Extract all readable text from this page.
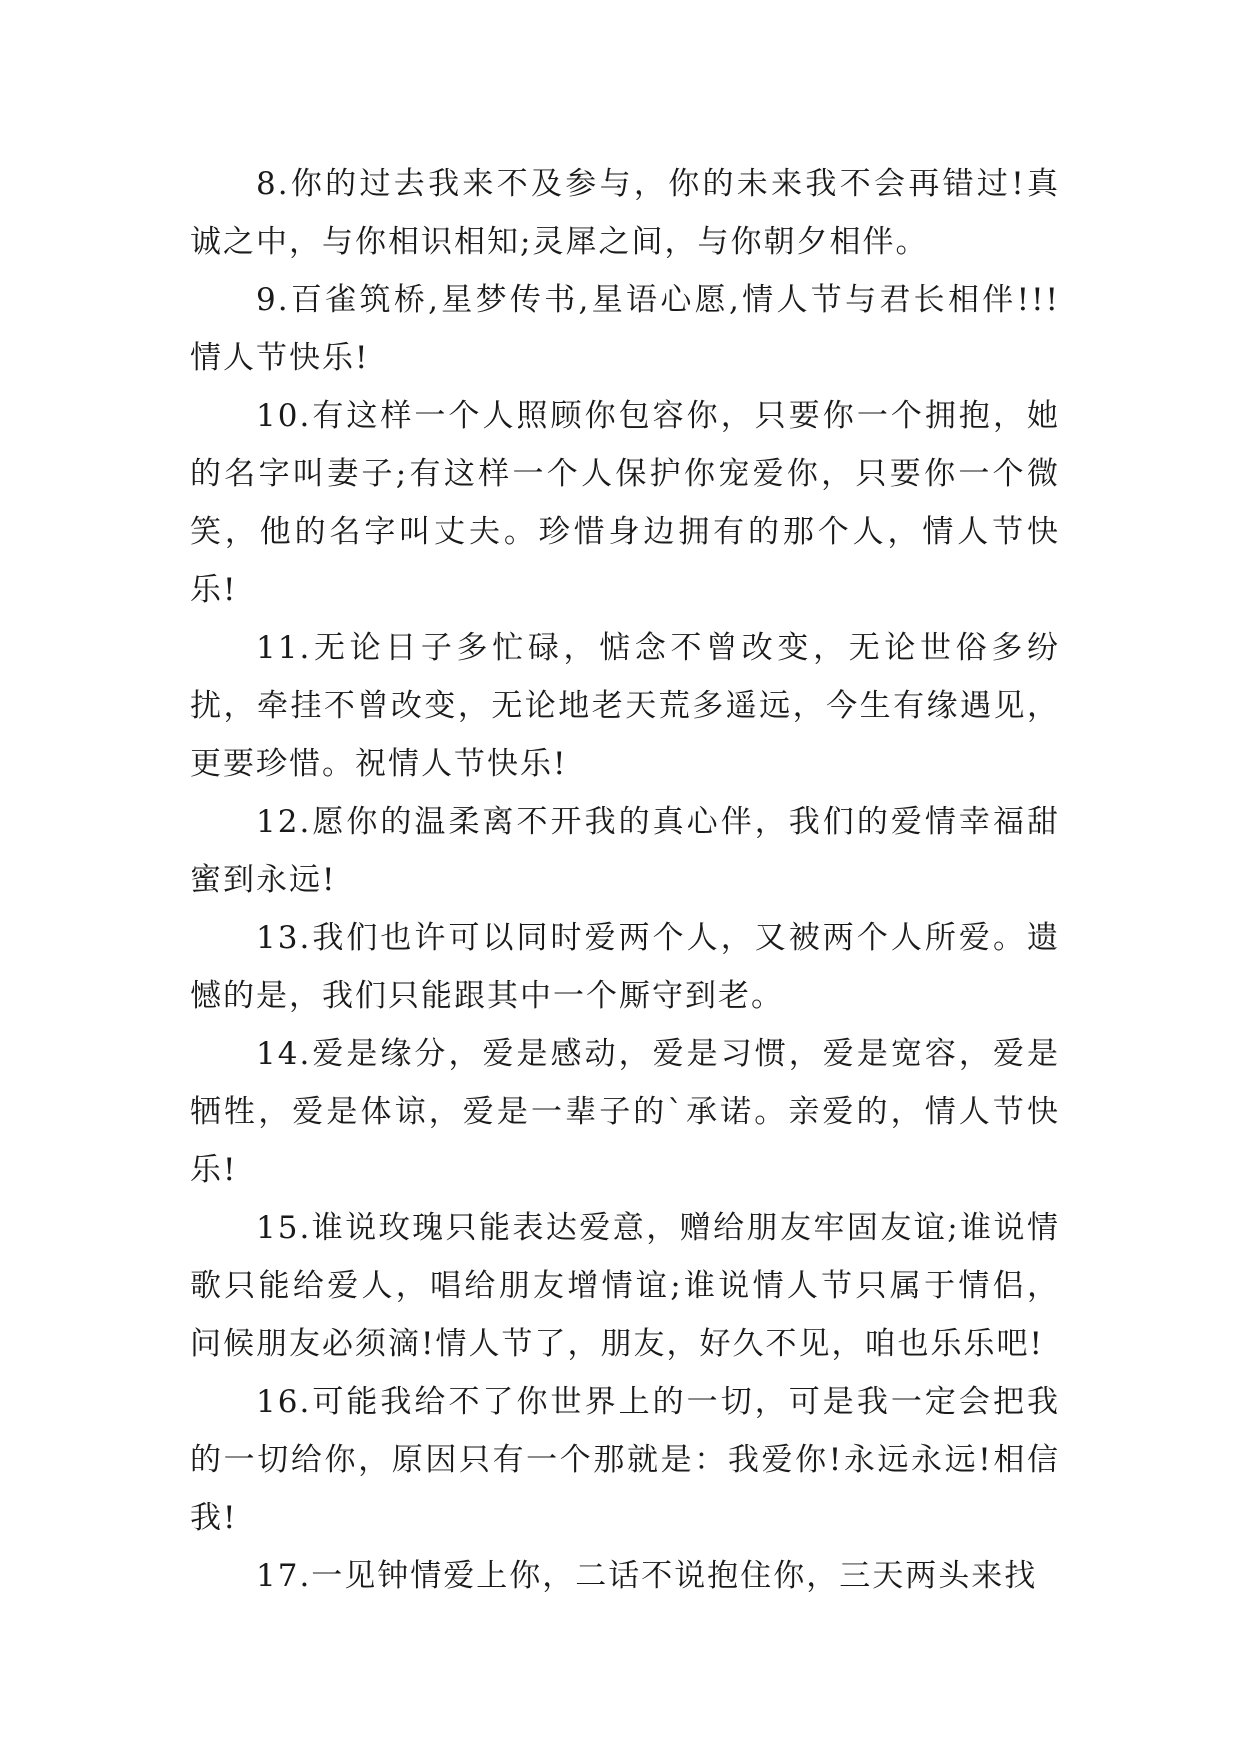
8.你的过去我来不及参与，你的未来我不会再错过!真诚之中，与你相识相知;灵犀之间，与你朝夕相伴。

9.百雀筑桥,星梦传书,星语心愿,情人节与君长相伴!!!情人节快乐!

10.有这样一个人照顾你包容你，只要你一个拥抱，她的名字叫妻子;有这样一个人保护你宠爱你，只要你一个微笑，他的名字叫丈夫。珍惜身边拥有的那个人，情人节快乐!

11.无论日子多忙碌，惦念不曾改变，无论世俗多纷扰，牵挂不曾改变，无论地老天荒多遥远，今生有缘遇见，更要珍惜。祝情人节快乐!

12.愿你的温柔离不开我的真心伴，我们的爱情幸福甜蜜到永远!

13.我们也许可以同时爱两个人，又被两个人所爱。遗憾的是，我们只能跟其中一个厮守到老。

14.爱是缘分，爱是感动，爱是习惯，爱是宽容，爱是牺牲，爱是体谅，爱是一辈子的`承诺。亲爱的，情人节快乐!

15.谁说玫瑰只能表达爱意，赠给朋友牢固友谊;谁说情歌只能给爱人，唱给朋友增情谊;谁说情人节只属于情侣，问候朋友必须滴!情人节了，朋友，好久不见，咱也乐乐吧!

16.可能我给不了你世界上的一切，可是我一定会把我的一切给你，原因只有一个那就是：我爱你!永远永远!相信我!

17.一见钟情爱上你，二话不说抱住你，三天两头来找
